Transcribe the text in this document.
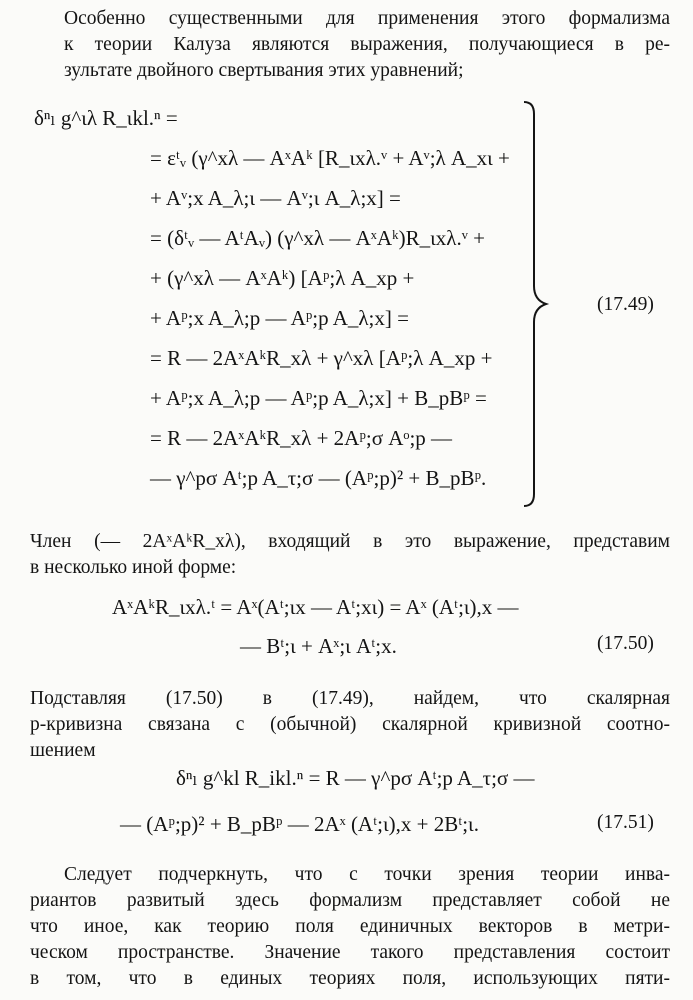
Особенно существенными для применения этого формализма
к теории Калуза являются выражения, получающиеся в ре-
зультате двойного свертывания этих уравнений;
δⁿₗ g^ιλ R_ιkl.ⁿ =
= εᵗᵥ (γ^xλ — AˣAᵏ [R_ιxλ.ᵛ + Aᵛ;λ A_xι +
+ Aᵛ;x A_λ;ι — Aᵛ;ι A_λ;x] =
= (δᵗᵥ — AᵗAᵥ) (γ^xλ — AˣAᵏ)R_ιxλ.ᵛ +
+ (γ^xλ — AˣAᵏ) [Aᵖ;λ A_xp +
+ Aᵖ;x A_λ;p — Aᵖ;p A_λ;x] =
= R — 2AˣAᵏR_xλ + γ^xλ [Aᵖ;λ A_xp +
+ Aᵖ;x A_λ;p — Aᵖ;p A_λ;x] + B_pBᵖ =
= R — 2AˣAᵏR_xλ + 2Aᵖ;σ Aᵒ;p —
— γ^pσ Aᵗ;p A_τ;σ — (Aᵖ;p)² + B_pBᵖ.
(17.49)
Член (— 2AˣAᵏR_xλ), входящий в это выражение, представим
в несколько иной форме:
AˣAᵏR_ιxλ.ᵗ = Aˣ(Aᵗ;ιx — Aᵗ;xι) = Aˣ (Aᵗ;ι),x —
— Bᵗ;ι + Aˣ;ι Aᵗ;x.	(17.50)
Подставляя (17.50) в (17.49), найдем, что скалярная
p-кривизна связана с (обычной) скалярной кривизной соотно-
шением
δⁿₗ g^kl R_ikl.ⁿ = R — γ^pσ Aᵗ;p A_τ;σ —
— (Aᵖ;p)² + B_pBᵖ — 2Aˣ (Aᵗ;ι),x + 2Bᵗ;ι.	(17.51)
Следует подчеркнуть, что с точки зрения теории инва-
риантов развитый здесь формализм представляет собой не
что иное, как теорию поля единичных векторов в метри-
ческом пространстве. Значение такого представления состоит
в том, что в единых теориях поля, использующих пяти-
